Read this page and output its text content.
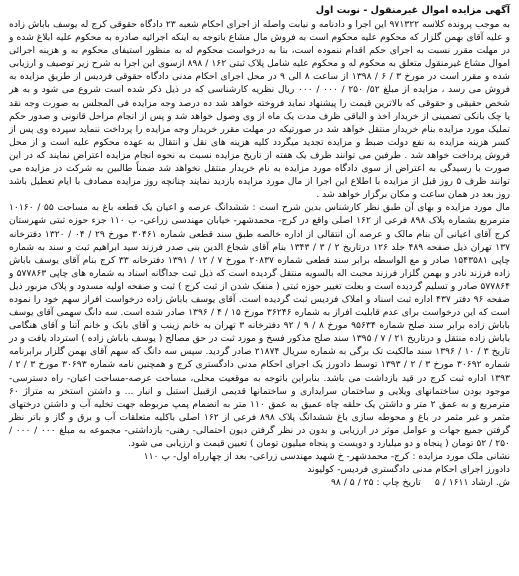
آگهی مزایده اموال غیرمنقول - نوبت اول

به موجب پرونده کلاسه ۹۷۱۳۲۲ این اجرا و دادنامه و نیابت واصله از اجرای احکام شعبه ۲۳ دادگاه حقوقی کرج له یوسف باباش زاده و علیه آقای بهمن گلزار که محکوم علیه محکوم است به فروش مال مشاع باتوجه به اینکه اجرائیه صادره به محکوم علیه ابلاغ شده و در مهلت مقرر نسبت به اجرای حکم اقدام ننموده است، بنا به درخواست محکوم له به منظور استیفای محکوم به و هزینه اجرائی اموال مشاع غیرمنقول متعلق به محکوم له و محکوم علیه شامل پلاک ثبتی ۱۶۲ / ۸۹۸ ازسوی این اجرا به شرح زیر توصیف و ارزیابی شده و مقرر است در مورخ ۳ / ۶ / ۱۳۹۸ از ساعت ۸ الی ۹ در محل اجرای احکام مدنی دادگاه حقوقی فردیس از طریق مزایده به فروش می رسد ، مزایده از مبلغ ۵۲/ ۲۵۰ / ۰۰۰ / ۰۰۰ ریال نظریه کارشناسی که در ذیل ذکر شده است شروع می شود و به هر شخص حقیقی و حقوقی که بالاترین قیمت را پیشنهاد نماید فروخته خواهد شد ده درصد وجه مزایده فی المجلس به صورت وجه نقد یا چک بانکی تضمینی از خریدار اخذ و الباقی ظرف مدت یک ماه از وی وصول خواهد شد و پس از انجام مراحل قانونی و صدور حکم تملیک مورد مزایده بنام خریدار منتقل خواهد شد در صورتیکه در مهلت مقرر خریدار وجه مزایده را پرداخت ننماید سپرده وی پس از کسر هزینه مزایده به نفع دولت ضبط و مزایده تجدید میگردد کلیه هزینه های نقل و انتقال به عهده محکوم علیه است و از محل فروش پرداخت خواهد شد . طرفین می توانند ظرف یک هفته از تاریخ مزایده نسبت به نحوه انجام مزایده اعتراض نمایند که در این صورت با رسیدگی به اعتراض از سوی دادگاه مورد مزایده به نام خریدار منتقل نخواهد شد ضمناً طالبین به شرکت در مزایده می توانند ظرف ۵ روز قبل از مزایده با اطلاع این اجرا از مال مورد مزایده بازدید نمایند چنانچه روز مزایده مصادف با ایام تعطیل باشد روز بعد در همان ساعت و مکان برگزار خواهد شد .

مال مورد مزایده و بهای آن طبق نظر کارشناس بدین شرح است : ششدانگ عرصه و اعیان یک قطعه باغ به مساحت ۵۵ / ۱۰۱۶۰ مترمربع بشماره پلاک ۸۹۸ فرعی از ۱۶۲ اصلی واقع در کرج- محمدشهر- خیابان مهندسی زراعی- ب ۱۱۰ جزء حوزه ثبتی شهرستان کرج آقای اعیانی آن بنام مالک و عرصه آن انتقالی از اداره خالصه طبق سند قطعی شماره ۳۰۴۶۱ مورخ ۲۹ / ۰۴ / ۱۳۲۰ دفترخانه ۱۳۷ تهران ذیل صفحه ۴۸۹ جلد ۱۲۶ درتاریخ ۲ / ۳ / ۱۳۴۳ بنام آقای شجاع الدین بنی صدر فرزند سید ابراهیم ثبت و سند به شماره چاپی ۱۵۴۳۵۸۱ صادر و مع الواسطه برابر سند قطعی شماره ۲۰۸۳۷ مورخ ۷ / ۱۲ / ۱۳۹۱ دفترخانه ۳۳ کرج بنام آقای یوسف باباش زاده فرزند نادر و بهمن گلزار فرزند محبت اله بالسویه منتقل گردیده است که ذیل ثبت جداگانه اسناد به شماره های چاپی ۵۷۷۸۶۳ و ۵۷۷۸۶۴ صادر و تسلیم گردیده است و بعلت تغییر حوزه ثبتی ( منفک شدن از ثبت کرج ) ثبت و صفحه اولیه مسدود و پلاک مزبور ذیل صفحه ۹۶ دفتر ۴۳۷ اداره ثبت اسناد و املاک فردیس ثبت گردیده است. آقای یوسف باباش زاده درخواست افراز سهم خود را نموده است که این درخواست برای عدم قابلیت افراز به شماره ۳۶۲۴۶ مورخ ۱۵ / ۴ / ۱۳۹۶ صادر شده است. سه دانگ سهمی آقای یوسف باباش زاده برابر سند صلح شماره ۹۵۶۳۴ مورخ ۸ / ۹ / ۹۲ دفترخانه ۳ تهران به خانم زینب و آقای بابک و خانم آتنا و آقای هنگامی باباش زاده منتقل و درتاریخ ۲۱ / ۷ / ۱۳۹۵ سند صلح مذکور فسخ و مورد ثبت در حق مصالح ( یوسف باباش زاده ) استرداد یافت و در تاریخ ۳ / ۱۰ / ۱۳۹۶ سند مالکیت تک برگی به شماره سریال ۲۱۸۷۴ صادر گردید. سپس سه دانگ که سهم آقای بهمن گلزار برابرنامه شماره ۳۰۶۹۲ مورخ ۳ / ۲ / ۱۳۹۳ توسط دادورز یک اجرای احکام مدنی دادگستری کرج و همچنین نامه شماره ۳۰۶۹۳ مورخ ۳ / ۲ / ۱۳۹۳ اداره ثبت کرج در قید بازداشت می باشد. بنابراین باتوجه به موقعیت محلی، مساحت عرصه-مساحت اعیان- راه دسترسی- موجود بودن ساختمانهای ویلایی و ساختمان سرایداری و ساختمانها قدیمی ازقبیل استبل و انبار ... و داشتن استخر به متراژ ۶۰ مترمربع و به عمق ۲ متر و داشتن یک حلقه چاه عمیق به عمق ۱۱۰ متر به انضمام پمپ مربوطه جهت تخلیه آب و داشتن درختهای مثمر و غیر مثمر در باغ و محوطه سازی باغ ششدانگ پلاک ۸۹۸ فرعی از ۱۶۲ اصلی باکلیه متعلقات آب و برق و گاز و باتر نظر گرفتن جمیع جهات و عوامل موثر در ارزیابی و بدون در نظر گرفتن دیون احتمالی- رهنی- بازداشتی- مجموعه به مبلغ ۰۰۰ / ۰۰۰ / ۲۵۰ / ۵۲ تومان ( پنجاه و دو میلیارد و دویست و پنجاه میلیون تومان ) تعیین قیمت و ارزیابی می شود.

نشانی ملک مورد مزایده : کرج- محمدشهر- خ شهید مهندسی زراعی- بعد از چهارراه اول- پ ۱۱۰
دادورز اجرای احکام مدنی دادگستری فردیس- کولیوند
ش. ارشاد ۱۶۱۱ / ۵
تاریخ چاپ : ۲۵ / ۵ / ۹۸
